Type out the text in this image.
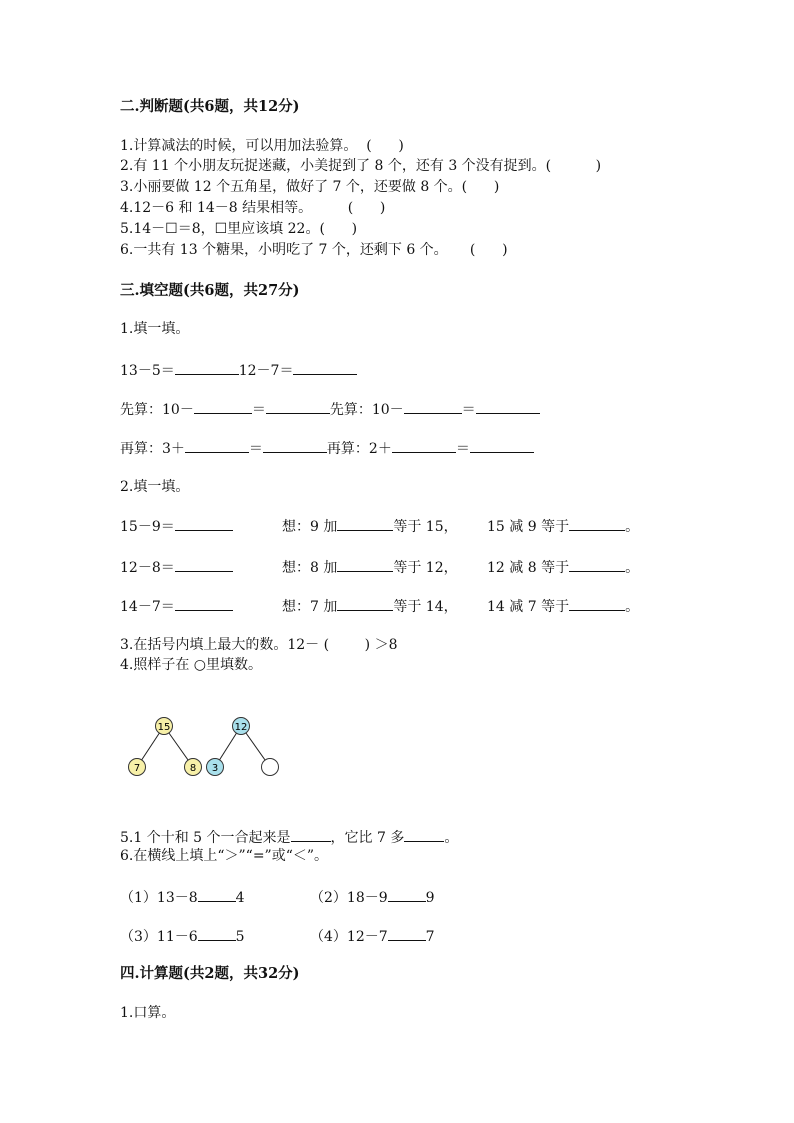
二.判断题(共6题，共12分)
1.计算减法的时候，可以用加法验算。  (      )
2.有 11 个小朋友玩捉迷藏，小美捉到了 8 个，还有 3 个没有捉到。(          )
3.小丽要做 12 个五角星，做好了 7 个，还要做 8 个。(      )
4.12－6 和 14－8 结果相等。        (      )
5.14－☐＝8，☐里应该填 22。(      )
6.一共有 13 个糖果，小明吃了 7 个，还剩下 6 个。     (      )
三.填空题(共6题，共27分)
1.填一填。
13－5＝	12－7＝
先算：10－	＝	先算：10－	＝
再算：3＋	＝	再算：2＋	＝
2.填一填。
15－9＝	想：9 加	等于 15， 15 减 9 等于	。
12－8＝	想：8 加	等于 12， 12 减 8 等于	。
14－7＝	想：7 加	等于 14， 14 减 7 等于	。
3.在括号内填上最大的数。12－ (        ) ＞8
4.照样子在 ○里填数。
15
7	8
12
3
5.1 个十和 5 个一合起来是	，它比 7 多	。
6.在横线上填上“＞”“=”或“＜”。
（1）13－8	4	（2）18－9	9
（3）11－6	5	（4）12－7	7
四.计算题(共2题，共32分)
1.口算。
